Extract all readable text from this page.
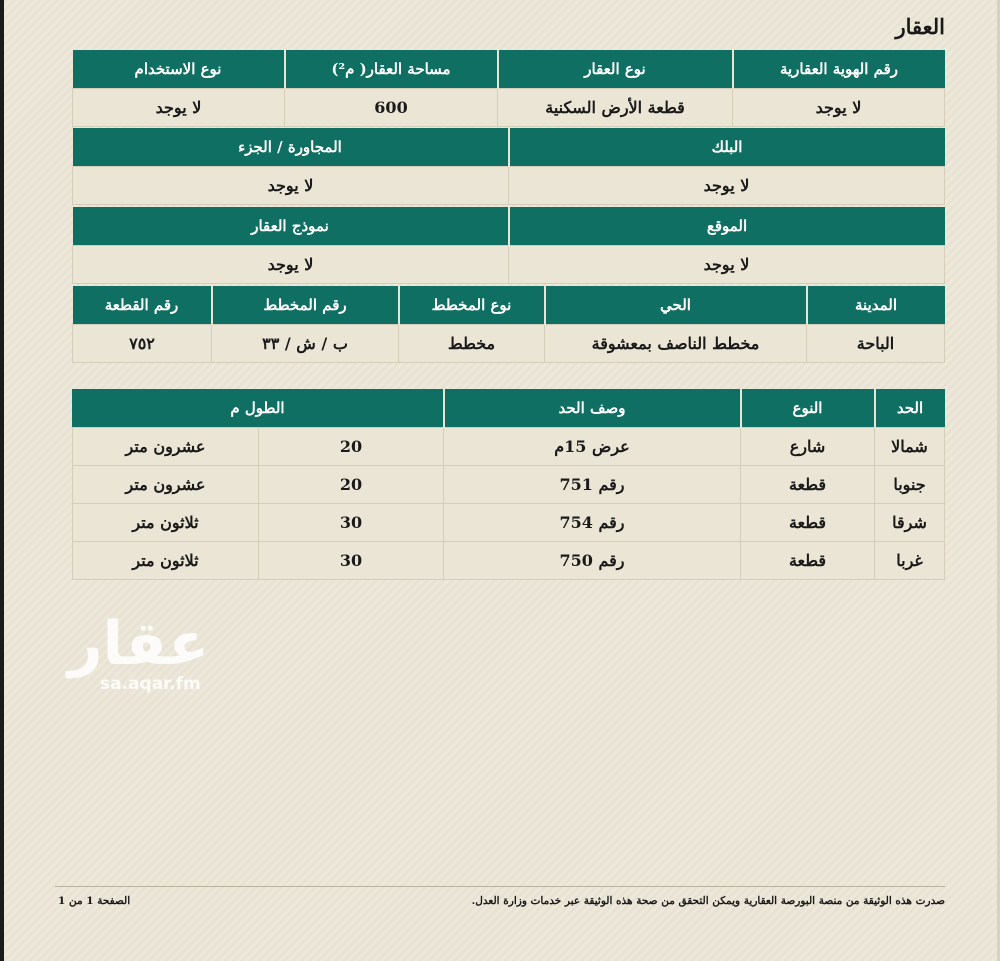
العقار
رقم الهوية العقارية	نوع العقار	مساحة العقار( م²)	نوع الاستخدام
لا يوجد	قطعة الأرض السكنية	600	لا يوجد
البلك	المجاورة / الجزء
لا يوجد	لا يوجد
الموقع	نموذج العقار
لا يوجد	لا يوجد
المدينة	الحي	نوع المخطط	رقم المخطط	رقم القطعة
الباحة	مخطط الناصف بمعشوقة	مخطط	ب / ش / ٣٣	٧٥٢
الحد	النوع	وصف الحد	الطول م	
شمالا	شارع	عرض 15م	20	عشرون متر
جنوبا	قطعة	رقم 751	20	عشرون متر
شرقا	قطعة	رقم 754	30	ثلاثون متر
غربا	قطعة	رقم 750	30	ثلاثون متر
عقار
sa.aqar.fm
صدرت هذه الوثيقة من منصة البورصة العقارية ويمكن التحقق من صحة هذه الوثيقة عبر خدمات وزارة العدل.
الصفحة 1 من 1
